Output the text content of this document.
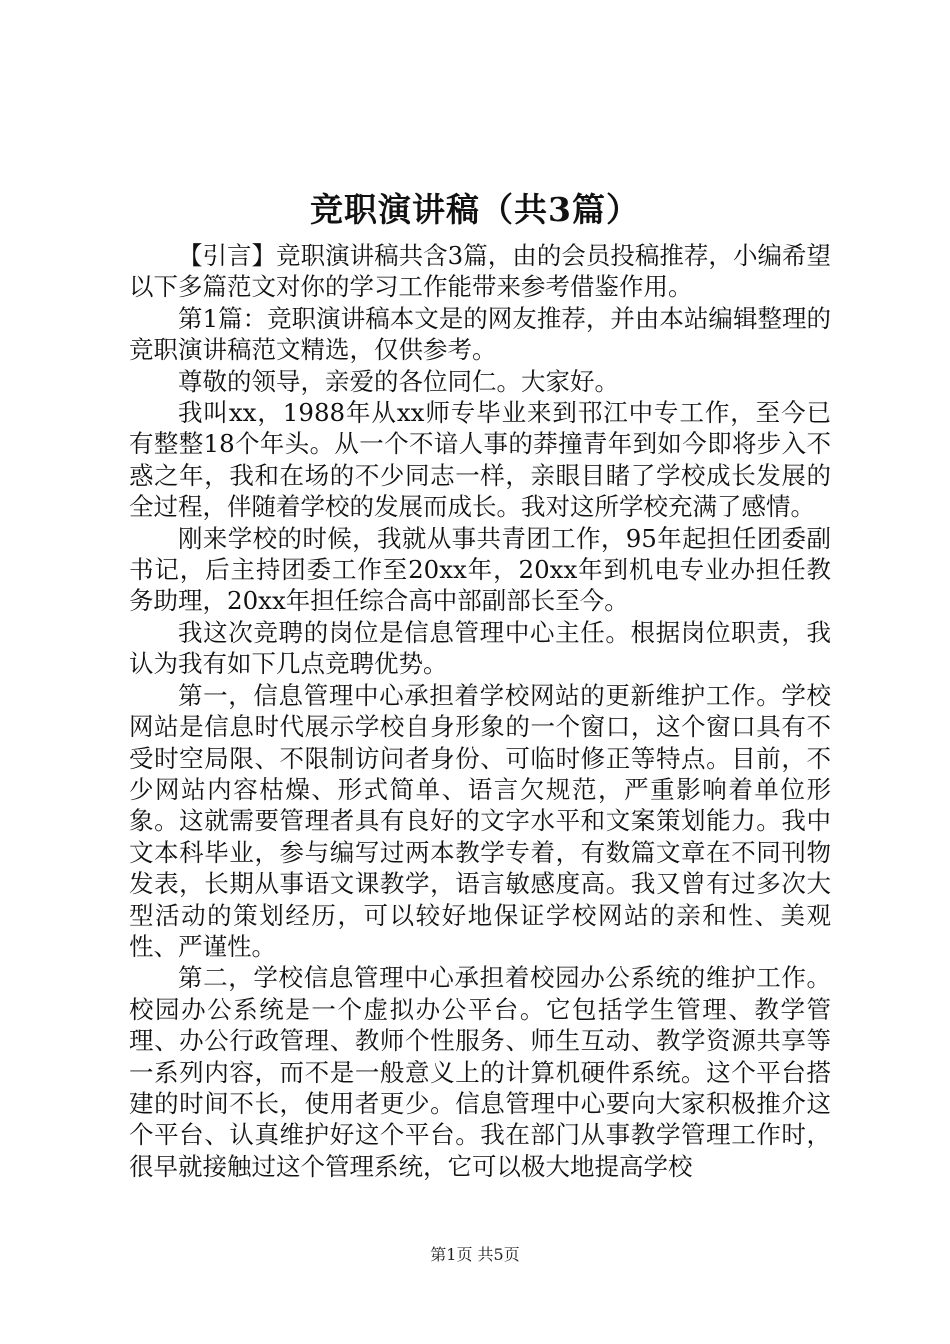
竞职演讲稿（共3篇）

【引言】竞职演讲稿共含3篇，由的会员投稿推荐，小编希望以下多篇范文对你的学习工作能带来参考借鉴作用。

第1篇：竞职演讲稿本文是的网友推荐，并由本站编辑整理的竞职演讲稿范文精选，仅供参考。

尊敬的领导，亲爱的各位同仁。大家好。

我叫xx，1988年从xx师专毕业来到邗江中专工作，至今已有整整18个年头。从一个不谙人事的莽撞青年到如今即将步入不惑之年，我和在场的不少同志一样，亲眼目睹了学校成长发展的全过程，伴随着学校的发展而成长。我对这所学校充满了感情。

刚来学校的时候，我就从事共青团工作，95年起担任团委副书记，后主持团委工作至20xx年，20xx年到机电专业办担任教务助理，20xx年担任综合高中部副部长至今。

我这次竞聘的岗位是信息管理中心主任。根据岗位职责，我认为我有如下几点竞聘优势。

第一，信息管理中心承担着学校网站的更新维护工作。学校网站是信息时代展示学校自身形象的一个窗口，这个窗口具有不受时空局限、不限制访问者身份、可临时修正等特点。目前，不少网站内容枯燥、形式简单、语言欠规范，严重影响着单位形象。这就需要管理者具有良好的文字水平和文案策划能力。我中文本科毕业，参与编写过两本教学专着，有数篇文章在不同刊物发表，长期从事语文课教学，语言敏感度高。我又曾有过多次大型活动的策划经历，可以较好地保证学校网站的亲和性、美观性、严谨性。

第二，学校信息管理中心承担着校园办公系统的维护工作。校园办公系统是一个虚拟办公平台。它包括学生管理、教学管理、办公行政管理、教师个性服务、师生互动、教学资源共享等一系列内容，而不是一般意义上的计算机硬件系统。这个平台搭建的时间不长，使用者更少。信息管理中心要向大家积极推介这个平台、认真维护好这个平台。我在部门从事教学管理工作时，很早就接触过这个管理系统，它可以极大地提高学校

第1页 共5页
